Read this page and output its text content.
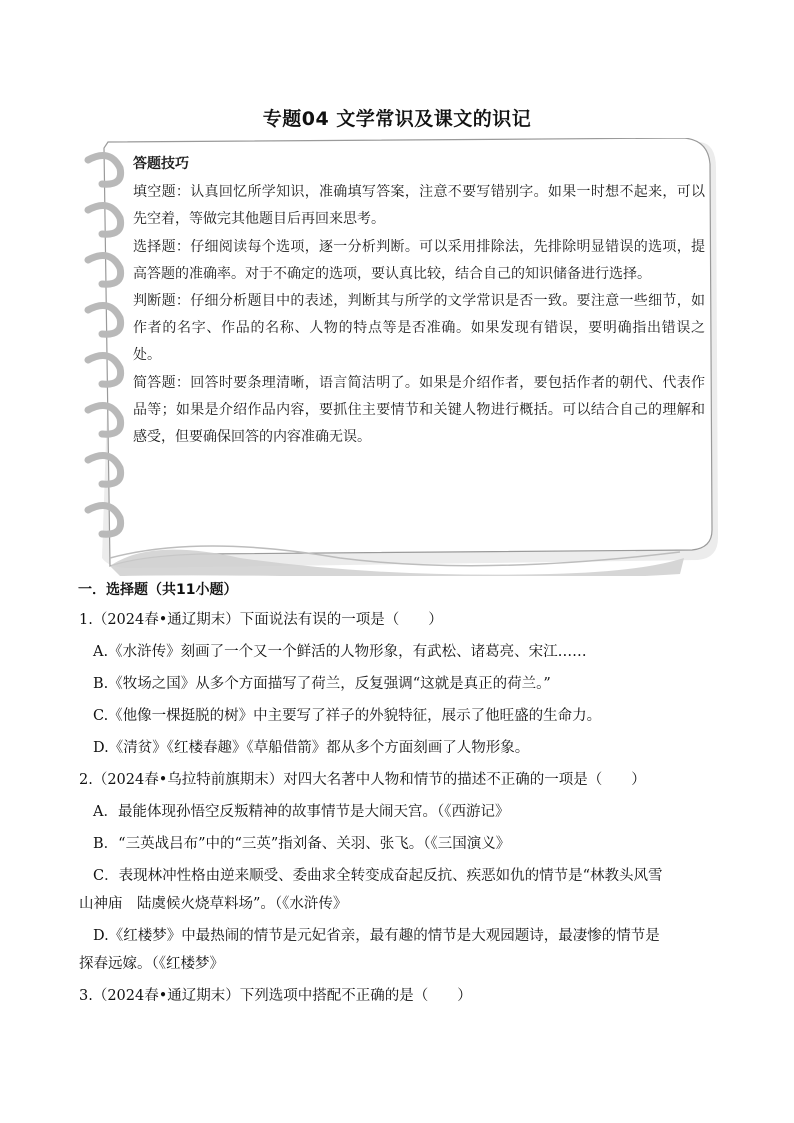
专题04 文学常识及课文的识记
答题技巧

填空题：认真回忆所学知识，准确填写答案，注意不要写错别字。如果一时想不起来，可以先空着，等做完其他题目后再回来思考。

选择题：仔细阅读每个选项，逐一分析判断。可以采用排除法，先排除明显错误的选项，提高答题的准确率。对于不确定的选项，要认真比较，结合自己的知识储备进行选择。

判断题：仔细分析题目中的表述，判断其与所学的文学常识是否一致。要注意一些细节，如作者的名字、作品的名称、人物的特点等是否准确。如果发现有错误，要明确指出错误之处。

简答题：回答时要条理清晰，语言简洁明了。如果是介绍作者，要包括作者的朝代、代表作品等；如果是介绍作品内容，要抓住主要情节和关键人物进行概括。可以结合自己的理解和感受，但要确保回答的内容准确无误。

一．选择题（共11小题）
1.（2024春•通辽期末）下面说法有误的一项是（　　）
A.《水浒传》刻画了一个又一个鲜活的人物形象，有武松、诸葛亮、宋江……
B.《牧场之国》从多个方面描写了荷兰，反复强调“这就是真正的荷兰。”
C.《他像一棵挺脱的树》中主要写了祥子的外貌特征，展示了他旺盛的生命力。
D.《清贫》《红楼春趣》《草船借箭》都从多个方面刻画了人物形象。
2.（2024春•乌拉特前旗期末）对四大名著中人物和情节的描述不正确的一项是（　　）
A．最能体现孙悟空反叛精神的故事情节是大闹天宫。（《西游记》
B．“三英战吕布”中的“三英”指刘备、关羽、张飞。（《三国演义》
C．表现林冲性格由逆来顺受、委曲求全转变成奋起反抗、疾恶如仇的情节是“林教头风雪
山神庙　陆虞候火烧草料场”。（《水浒传》
D.《红楼梦》中最热闹的情节是元妃省亲，最有趣的情节是大观园题诗，最凄惨的情节是
探春远嫁。（《红楼梦》
3.（2024春•通辽期末）下列选项中搭配不正确的是（　　）
